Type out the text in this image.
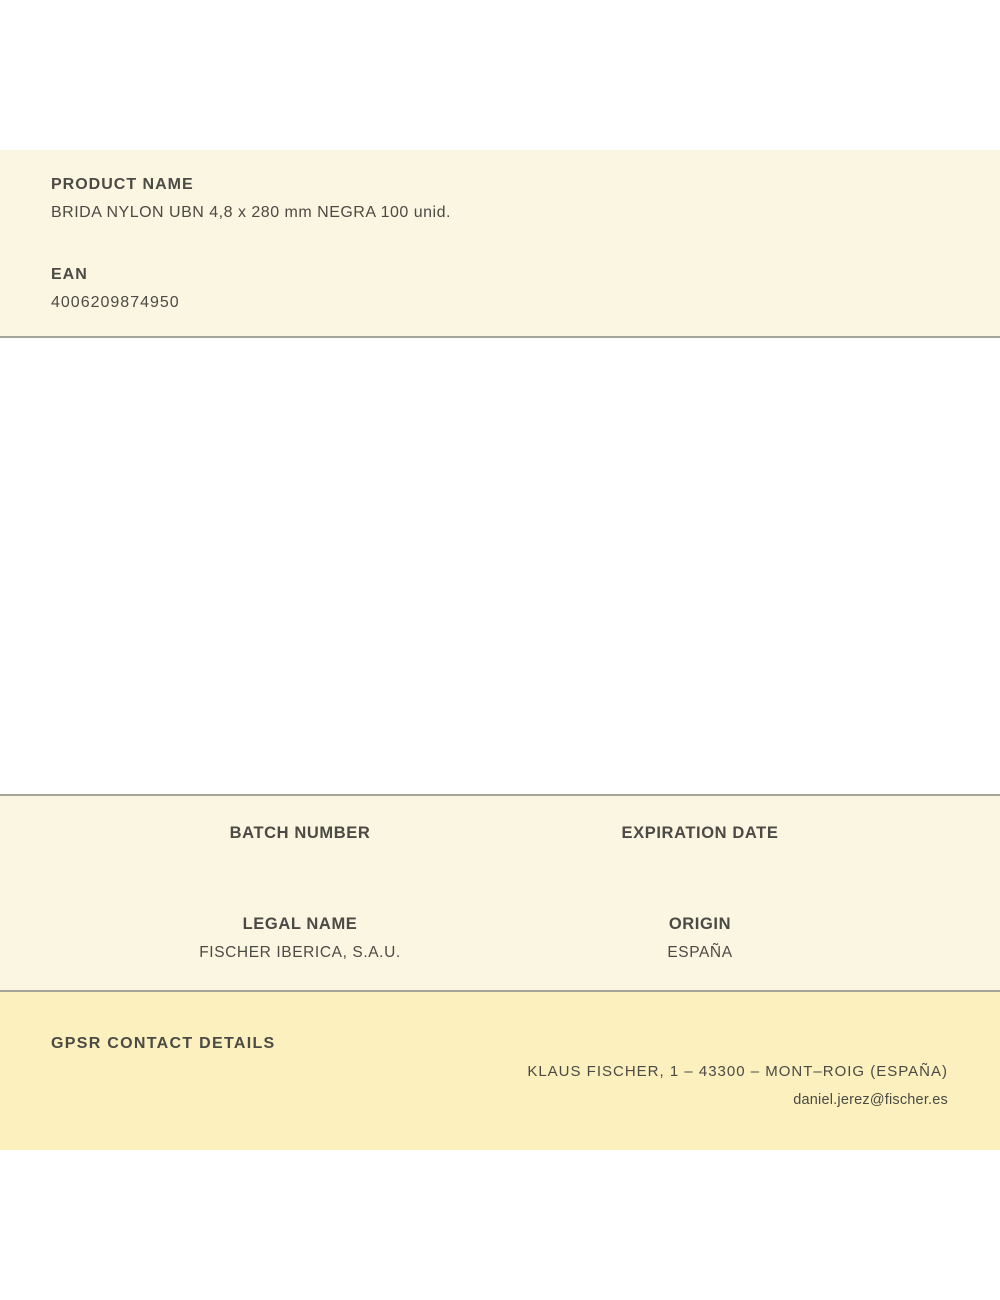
PRODUCT NAME
BRIDA NYLON UBN 4,8 x 280 mm NEGRA 100 unid.
EAN
4006209874950
BATCH NUMBER
LEGAL NAME
FISCHER IBERICA, S.A.U.
EXPIRATION DATE
ORIGIN
ESPAÑA
GPSR CONTACT DETAILS
KLAUS FISCHER, 1 – 43300 – MONT–ROIG (ESPAÑA)
daniel.jerez@fischer.es
